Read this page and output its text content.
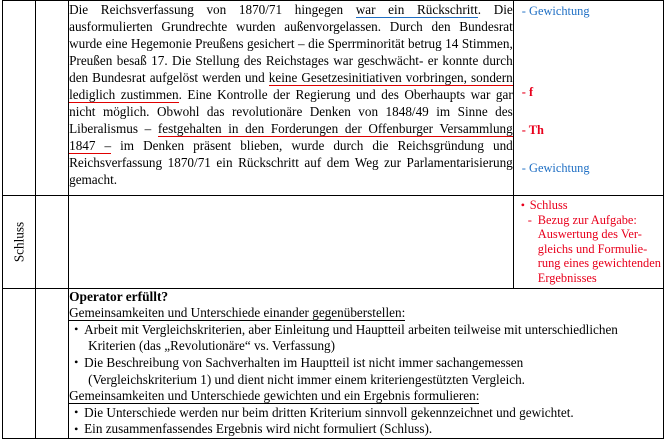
Die Reichsverfassung von 1870/71 hingegen war ein Rückschritt. Die ausformulierten Grundrechte wurden außenvorgelassen. Durch den Bundesrat wurde eine Hegemonie Preußens gesichert – die Sperrminorität betrug 14 Stimmen, Preußen besaß 17. Die Stellung des Reichstages war geschwächt- er konnte durch den Bundesrat aufgelöst werden und keine Gesetzesinitiativen vorbringen, sondern lediglich zustimmen. Eine Kontrolle der Regierung und des Oberhaupts war gar nicht möglich. Obwohl das revolutionäre Denken von 1848/49 im Sinne des Liberalismus – festgehalten in den Forderungen der Offenburger Versammlung 1847 – im Denken präsent blieben, wurde durch die Reichsgründung und Reichsverfassung 1870/71 ein Rückschritt auf dem Weg zur Parlamentarisierung gemacht.

- Gewichtung
- f
- Th
- Gewichtung

Schluss

• Schluss
- Bezug zur Aufgabe:
Auswertung des Ver-
gleichs und Formulie-
rung eines gewichtenden
Ergebnisses

Operator erfüllt?
Gemeinsamkeiten und Unterschiede einander gegenüberstellen:
• Arbeit mit Vergleichskriterien, aber Einleitung und Hauptteil arbeiten teilweise mit unterschiedlichen
Kriterien (das „Revolutionäre“ vs. Verfassung)
• Die Beschreibung von Sachverhalten im Hauptteil ist nicht immer sachangemessen
(Vergleichskriterium 1) und dient nicht immer einem kriteriengestützten Vergleich.
Gemeinsamkeiten und Unterschiede gewichten und ein Ergebnis formulieren:
• Die Unterschiede werden nur beim dritten Kriterium sinnvoll gekennzeichnet und gewichtet.
• Ein zusammenfassendes Ergebnis wird nicht formuliert (Schluss).
